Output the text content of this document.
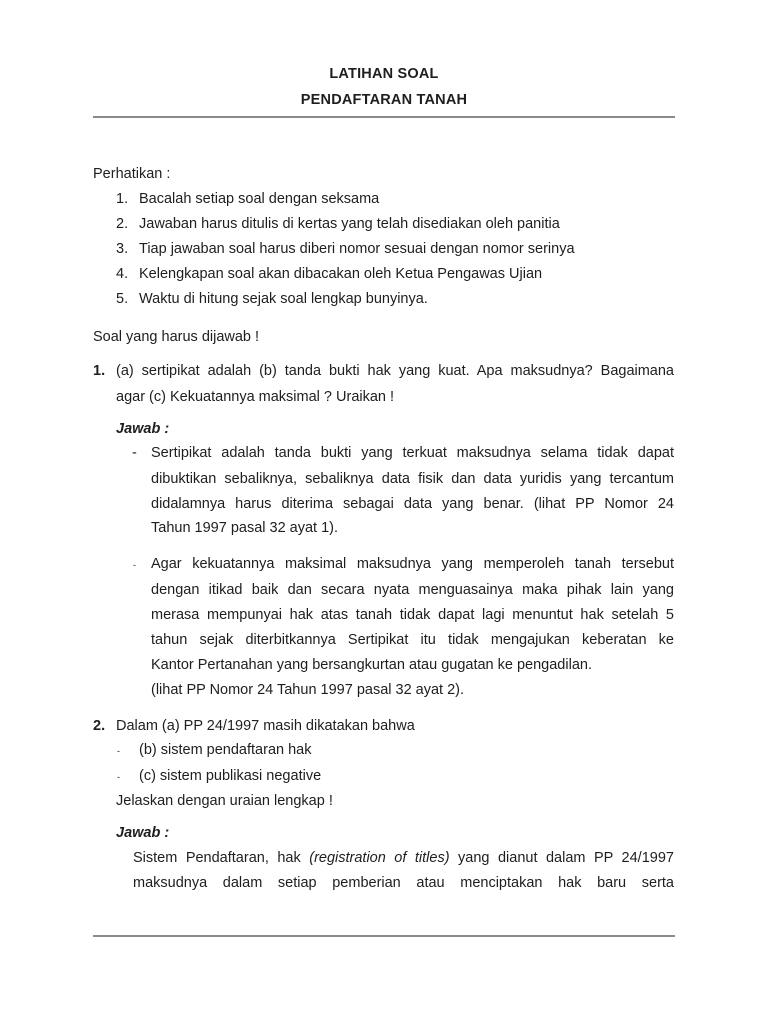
LATIHAN SOAL
PENDAFTARAN TANAH
Perhatikan :
1. Bacalah setiap soal dengan seksama
2. Jawaban harus ditulis di kertas yang telah disediakan oleh panitia
3. Tiap jawaban soal harus diberi nomor sesuai dengan nomor serinya
4. Kelengkapan soal akan dibacakan oleh Ketua Pengawas Ujian
5. Waktu di hitung sejak soal lengkap bunyinya.
Soal yang harus dijawab !
1. (a) sertipikat adalah (b) tanda bukti hak yang kuat. Apa maksudnya? Bagaimana
agar (c) Kekuatannya maksimal ? Uraikan !
Jawab :
- Sertipikat adalah tanda bukti yang terkuat maksudnya selama tidak dapat
dibuktikan sebaliknya, sebaliknya data fisik dan data yuridis yang tercantum
didalamnya harus diterima sebagai data yang benar. (lihat PP Nomor 24
Tahun 1997 pasal 32 ayat 1).
- Agar kekuatannya maksimal maksudnya yang memperoleh tanah tersebut
dengan itikad baik dan secara nyata menguasainya maka pihak lain yang
merasa mempunyai hak atas tanah tidak dapat lagi menuntut hak setelah 5
tahun sejak diterbitkannya Sertipikat itu tidak mengajukan keberatan ke
Kantor Pertanahan yang bersangkurtan atau gugatan ke pengadilan.
(lihat PP Nomor 24 Tahun 1997 pasal 32 ayat 2).
2. Dalam (a) PP 24/1997 masih dikatakan bahwa
- (b) sistem pendaftaran hak
- (c) sistem publikasi negative
Jelaskan dengan uraian lengkap !
Jawab :
Sistem Pendaftaran, hak (registration of titles) yang dianut dalam PP 24/1997
maksudnya dalam setiap pemberian atau menciptakan hak baru serta
